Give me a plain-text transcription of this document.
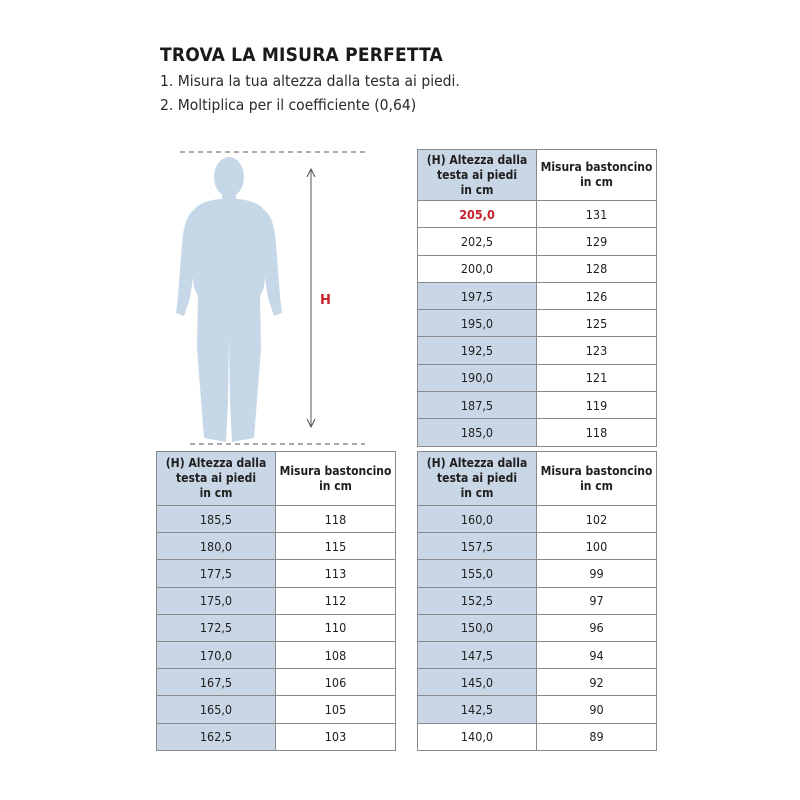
TROVA LA MISURA PERFETTA
1. Misura la tua altezza dalla testa ai piedi.
2. Moltiplica per il coefficiente (0,64)
H
(H) Altezza dalla
testa ai piedi
in cm	Misura bastoncino
in cm
205,0	131
202,5	129
200,0	128
197,5	126
195,0	125
192,5	123
190,0	121
187,5	119
185,0	118
(H) Altezza dalla
testa ai piedi
in cm	Misura bastoncino
in cm
185,5	118
180,0	115
177,5	113
175,0	112
172,5	110
170,0	108
167,5	106
165,0	105
162,5	103
(H) Altezza dalla
testa ai piedi
in cm	Misura bastoncino
in cm
160,0	102
157,5	100
155,0	99
152,5	97
150,0	96
147,5	94
145,0	92
142,5	90
140,0	89
